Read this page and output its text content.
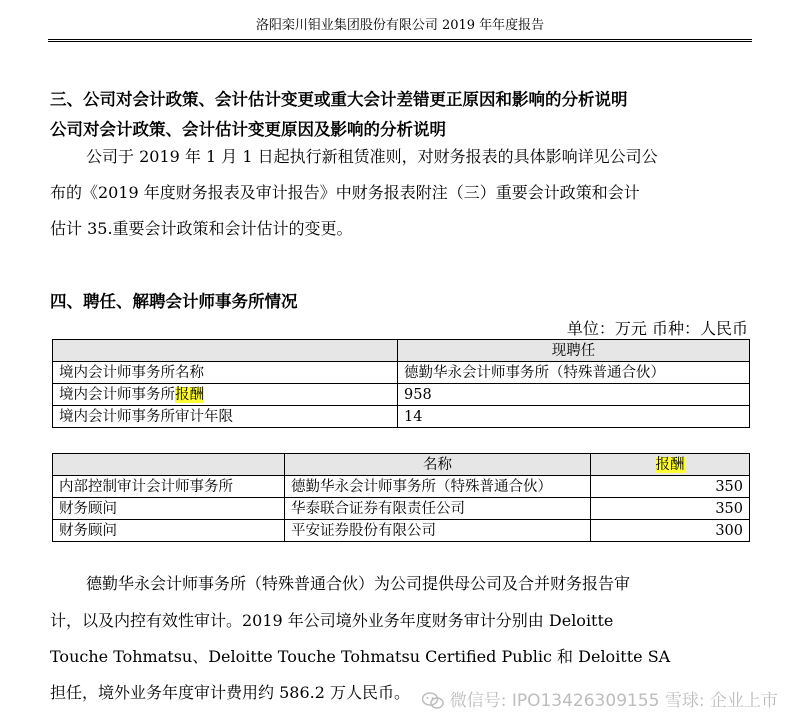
洛阳栾川钼业集团股份有限公司 2019 年年度报告
三、公司对会计政策、会计估计变更或重大会计差错更正原因和影响的分析说明
公司对会计政策、会计估计变更原因及影响的分析说明
公司于 2019 年 1 月 1 日起执行新租赁准则，对财务报表的具体影响详见公司公
布的《2019 年度财务报表及审计报告》中财务报表附注（三）重要会计政策和会计
估计 35.重要会计政策和会计估计的变更。
四、聘任、解聘会计师事务所情况
单位：万元 币种：人民币
	现聘任
境内会计师事务所名称	德勤华永会计师事务所（特殊普通合伙）
境内会计师事务所报酬	958
境内会计师事务所审计年限	14
	名称	报酬
内部控制审计会计师事务所	德勤华永会计师事务所（特殊普通合伙）	350
财务顾问	华泰联合证券有限责任公司	350
财务顾问	平安证券股份有限公司	300
德勤华永会计师事务所（特殊普通合伙）为公司提供母公司及合并财务报告审
计，以及内控有效性审计。2019 年公司境外业务年度财务审计分别由 Deloitte
Touche Tohmatsu、Deloitte Touche Tohmatsu Certified Public 和 Deloitte SA
担任，境外业务年度审计费用约 586.2 万人民币。	微信号: IPO13426309155 雪球: 企业上市
